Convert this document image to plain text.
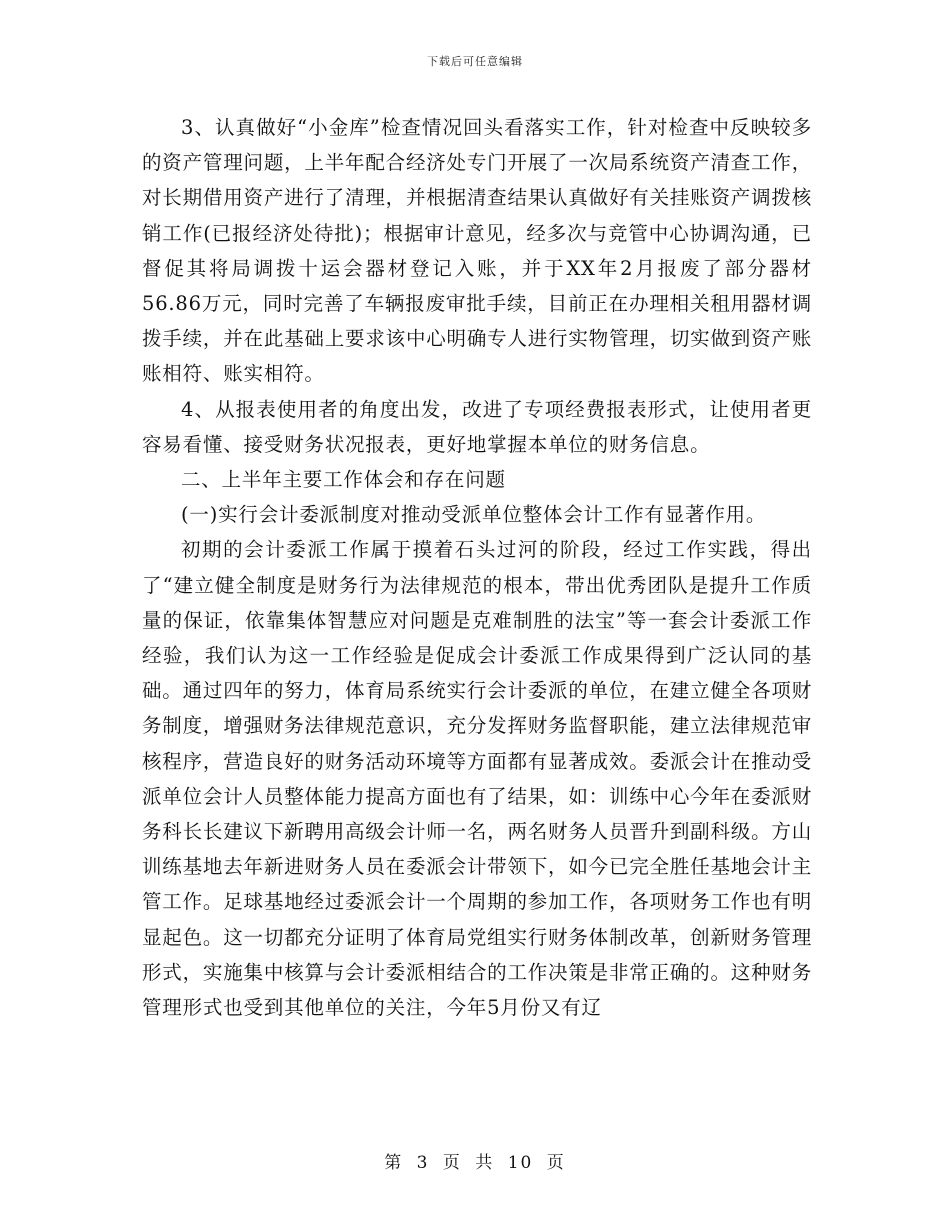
下载后可任意编辑

3、认真做好“小金库”检查情况回头看落实工作，针对检查中反映较多的资产管理问题，上半年配合经济处专门开展了一次局系统资产清查工作，对长期借用资产进行了清理，并根据清查结果认真做好有关挂账资产调拨核销工作(已报经济处待批)；根据审计意见，经多次与竞管中心协调沟通，已督促其将局调拨十运会器材登记入账，并于XX年2月报废了部分器材56.86万元，同时完善了车辆报废审批手续，目前正在办理相关租用器材调拨手续，并在此基础上要求该中心明确专人进行实物管理，切实做到资产账账相符、账实相符。

4、从报表使用者的角度出发，改进了专项经费报表形式，让使用者更容易看懂、接受财务状况报表，更好地掌握本单位的财务信息。

二、上半年主要工作体会和存在问题

(一)实行会计委派制度对推动受派单位整体会计工作有显著作用。

初期的会计委派工作属于摸着石头过河的阶段，经过工作实践，得出了“建立健全制度是财务行为法律规范的根本，带出优秀团队是提升工作质量的保证，依靠集体智慧应对问题是克难制胜的法宝”等一套会计委派工作经验，我们认为这一工作经验是促成会计委派工作成果得到广泛认同的基础。通过四年的努力，体育局系统实行会计委派的单位，在建立健全各项财务制度，增强财务法律规范意识，充分发挥财务监督职能，建立法律规范审核程序，营造良好的财务活动环境等方面都有显著成效。委派会计在推动受派单位会计人员整体能力提高方面也有了结果，如：训练中心今年在委派财务科长长建议下新聘用高级会计师一名，两名财务人员晋升到副科级。方山训练基地去年新进财务人员在委派会计带领下，如今已完全胜任基地会计主管工作。足球基地经过委派会计一个周期的参加工作，各项财务工作也有明显起色。这一切都充分证明了体育局党组实行财务体制改革，创新财务管理形式，实施集中核算与会计委派相结合的工作决策是非常正确的。这种财务管理形式也受到其他单位的关注，今年5月份又有辽

第 3 页 共 10 页
